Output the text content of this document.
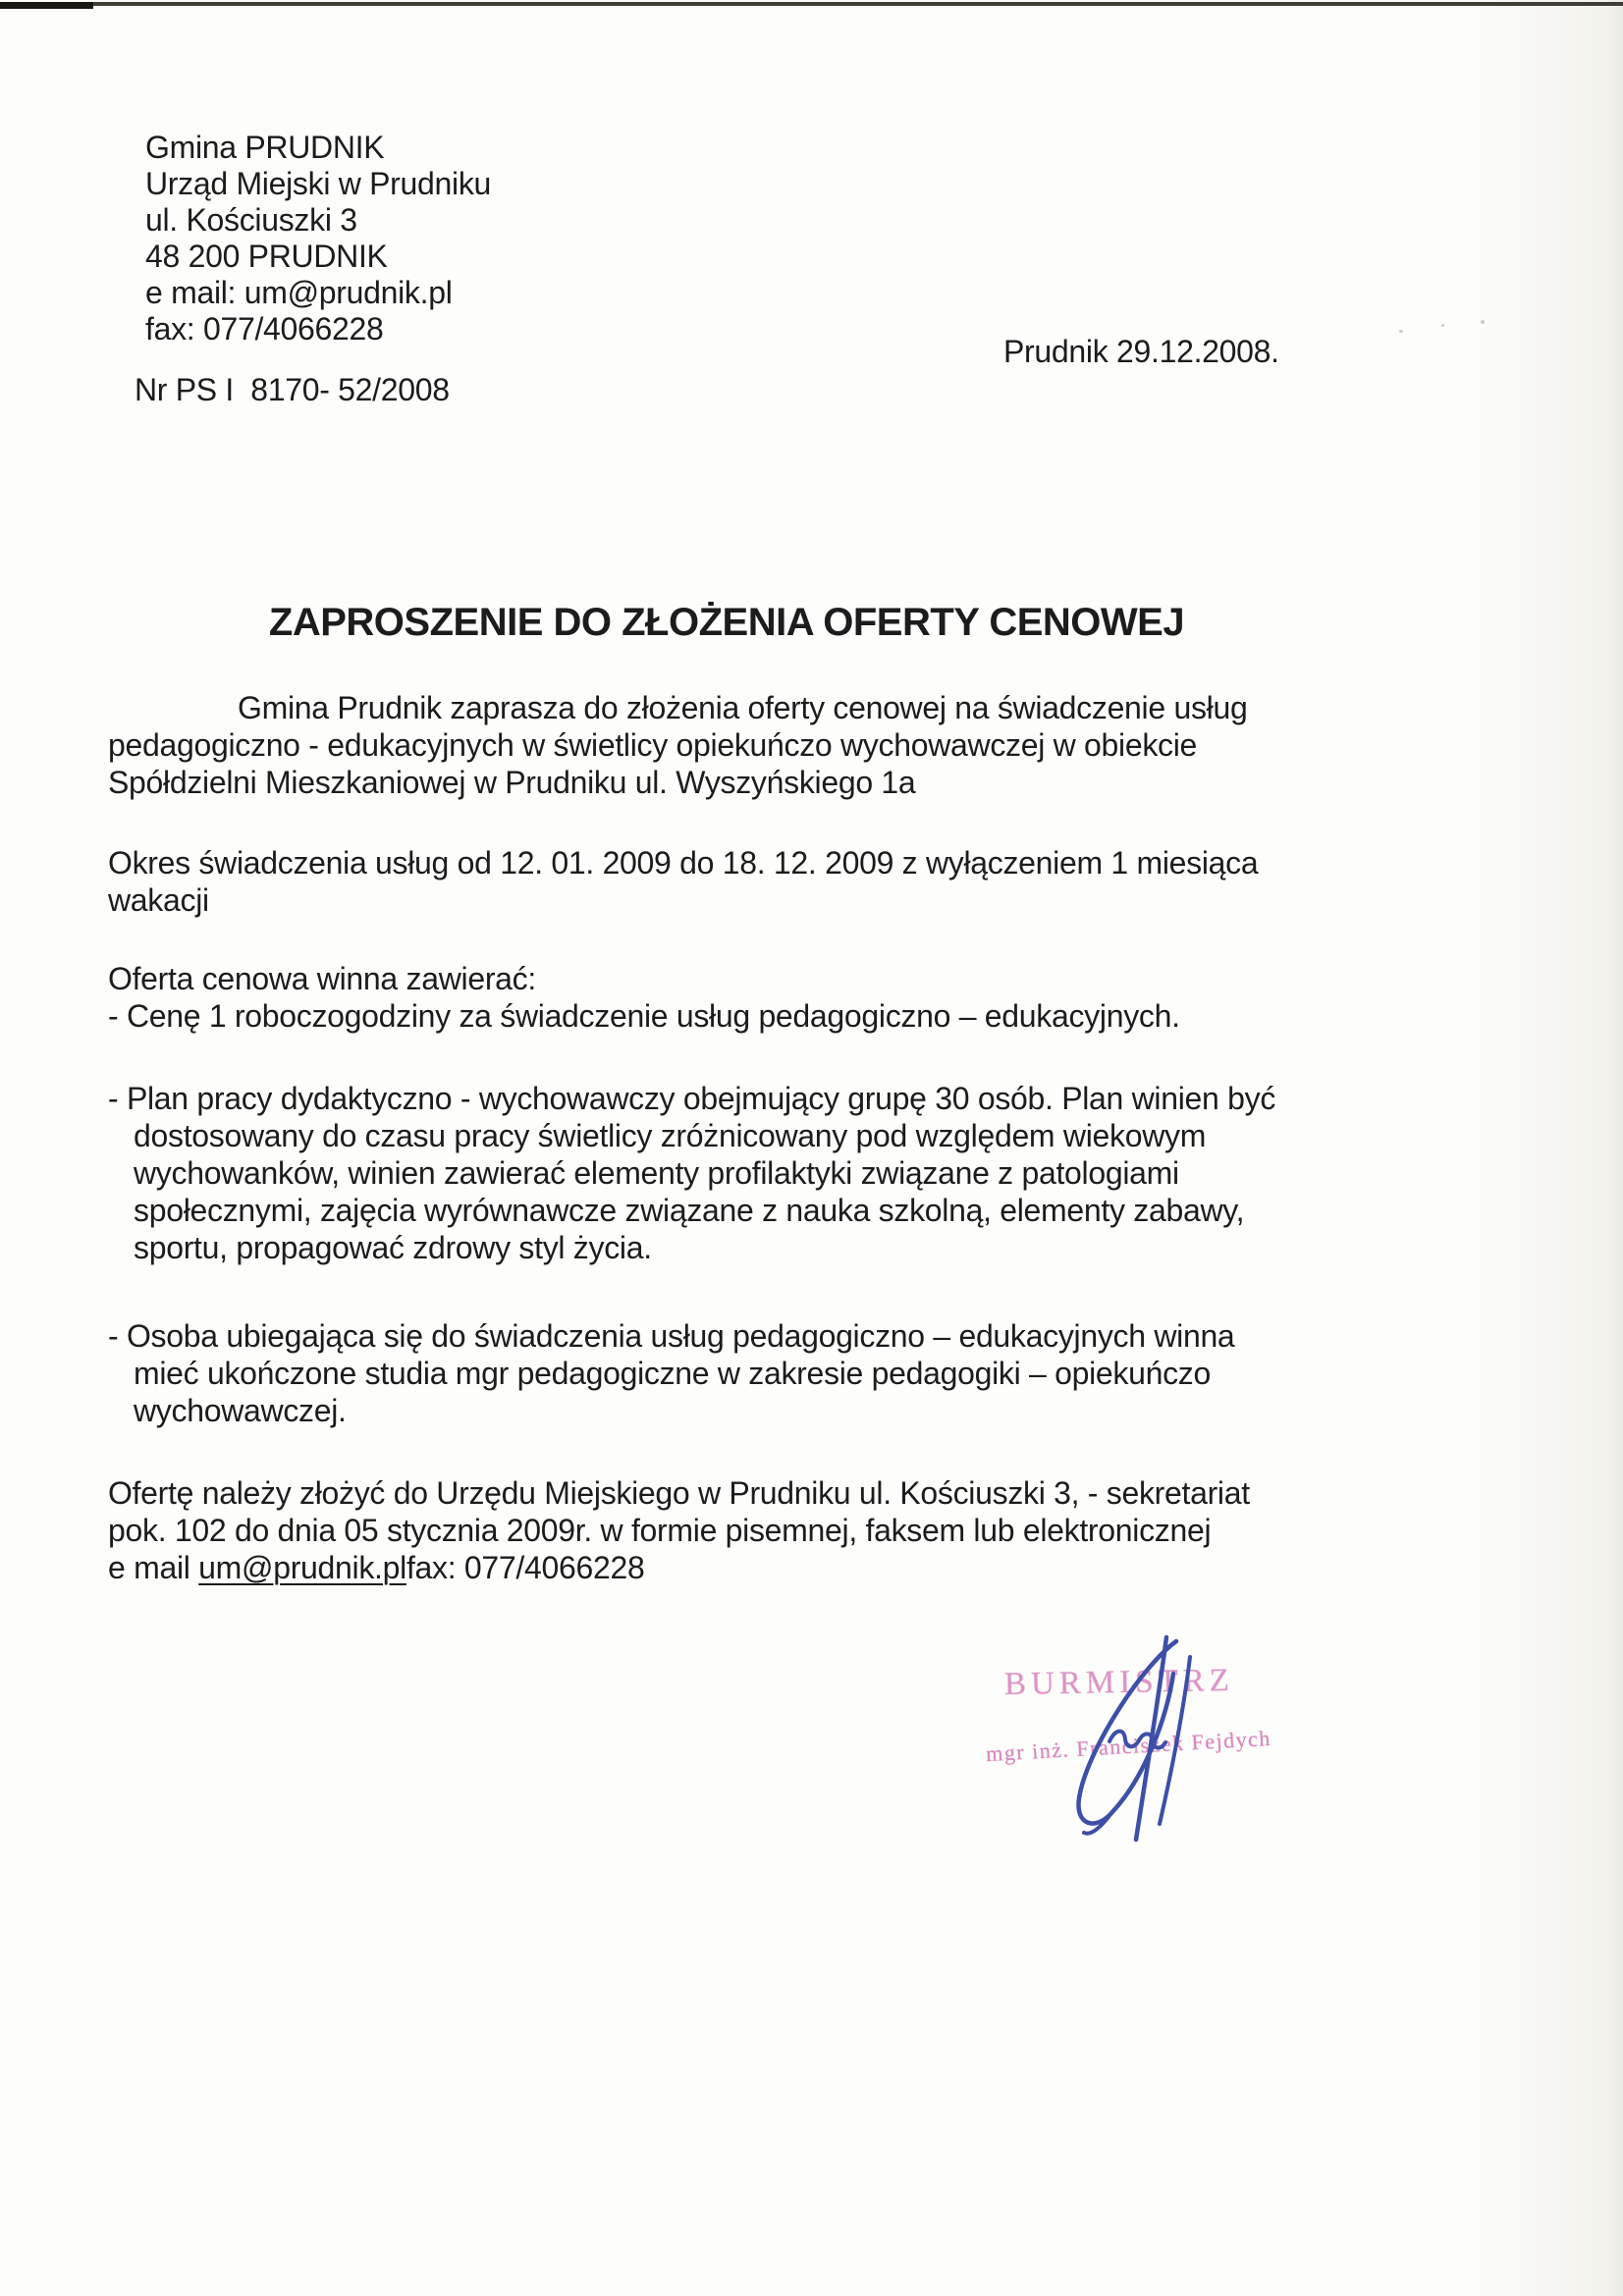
Gmina PRUDNIK
Urząd Miejski w Prudniku
ul. Kościuszki 3
48 200 PRUDNIK
e mail: um@prudnik.pl
fax: 077/4066228
Prudnik 29.12.2008.
Nr PS I  8170- 52/2008
ZAPROSZENIE DO ZŁOŻENIA OFERTY CENOWEJ
Gmina Prudnik zaprasza do złożenia oferty cenowej na świadczenie usług
pedagogiczno - edukacyjnych w świetlicy opiekuńczo wychowawczej w obiekcie
Spółdzielni Mieszkaniowej w Prudniku ul. Wyszyńskiego 1a
Okres świadczenia usług od 12. 01. 2009 do 18. 12. 2009 z wyłączeniem 1 miesiąca
wakacji
Oferta cenowa winna zawierać:
- Cenę 1 roboczogodziny za świadczenie usług pedagogiczno – edukacyjnych.
- Plan pracy dydaktyczno - wychowawczy obejmujący grupę 30 osób. Plan winien być
dostosowany do czasu pracy świetlicy zróżnicowany pod względem wiekowym
wychowanków, winien zawierać elementy profilaktyki związane z patologiami
społecznymi, zajęcia wyrównawcze związane z nauka szkolną, elementy zabawy,
sportu, propagować zdrowy styl życia.
- Osoba ubiegająca się do świadczenia usług pedagogiczno – edukacyjnych winna
mieć ukończone studia mgr pedagogiczne w zakresie pedagogiki – opiekuńczo
wychowawczej.
Ofertę należy złożyć do Urzędu Miejskiego w Prudniku ul. Kościuszki 3, - sekretariat
pok. 102 do dnia 05 stycznia 2009r. w formie pisemnej, faksem lub elektronicznej
e mail um@prudnik.plfax: 077/4066228
BURMISTRZ
mgr inż. Franciszek Fejdych
